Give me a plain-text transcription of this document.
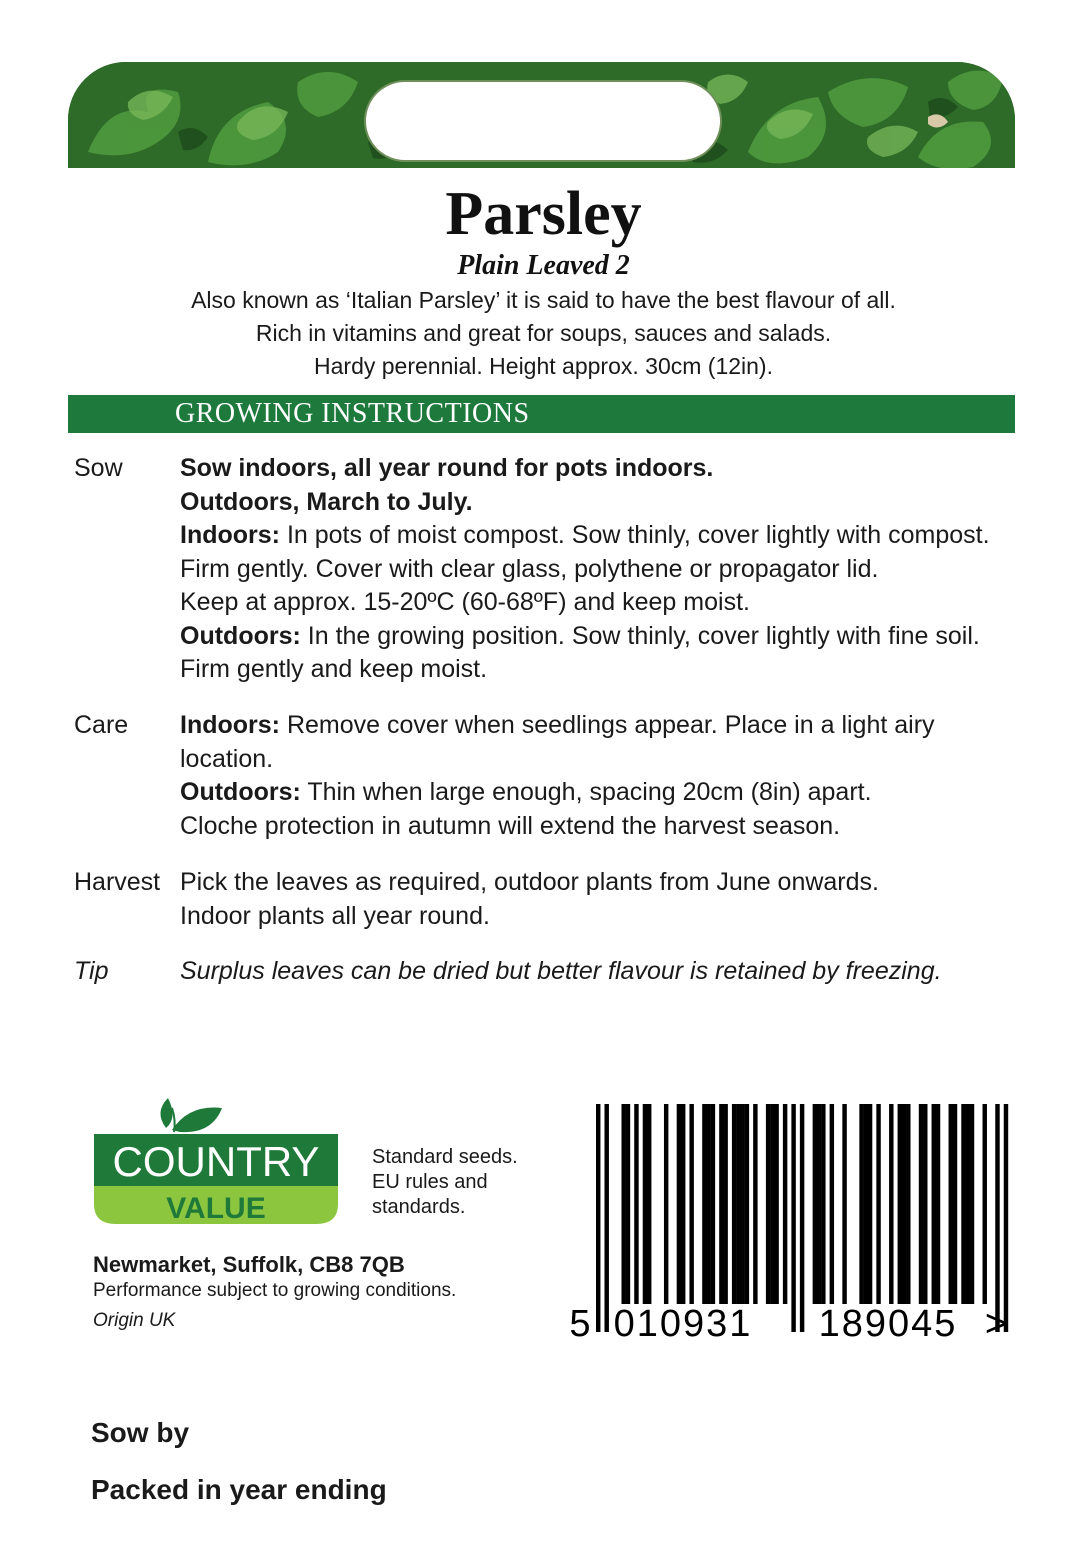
Parsley
Plain Leaved 2
Also known as ‘Italian Parsley’ it is said to have the best flavour of all.
Rich in vitamins and great for soups, sauces and salads.
Hardy perennial. Height approx. 30cm (12in).
GROWING INSTRUCTIONS
Sow Sow indoors, all year round for pots indoors.
Outdoors, March to July.
Indoors: In pots of moist compost. Sow thinly, cover lightly with compost.
Firm gently. Cover with clear glass, polythene or propagator lid.
Keep at approx. 15-20ºC (60-68ºF) and keep moist.
Outdoors: In the growing position. Sow thinly, cover lightly with fine soil.
Firm gently and keep moist.
Care Indoors: Remove cover when seedlings appear. Place in a light airy
location.
Outdoors: Thin when large enough, spacing 20cm (8in) apart.
Cloche protection in autumn will extend the harvest season.
Harvest Pick the leaves as required, outdoor plants from June onwards.
Indoor plants all year round.
Tip	Surplus leaves can be dried but better flavour is retained by freezing.
COUNTRY
VALUE
Standard seeds.
EU rules and
standards.
Newmarket, Suffolk, CB8 7QB
Performance subject to growing conditions.
Origin UK	5 010931 189045 >
Sow by
Packed in year ending
